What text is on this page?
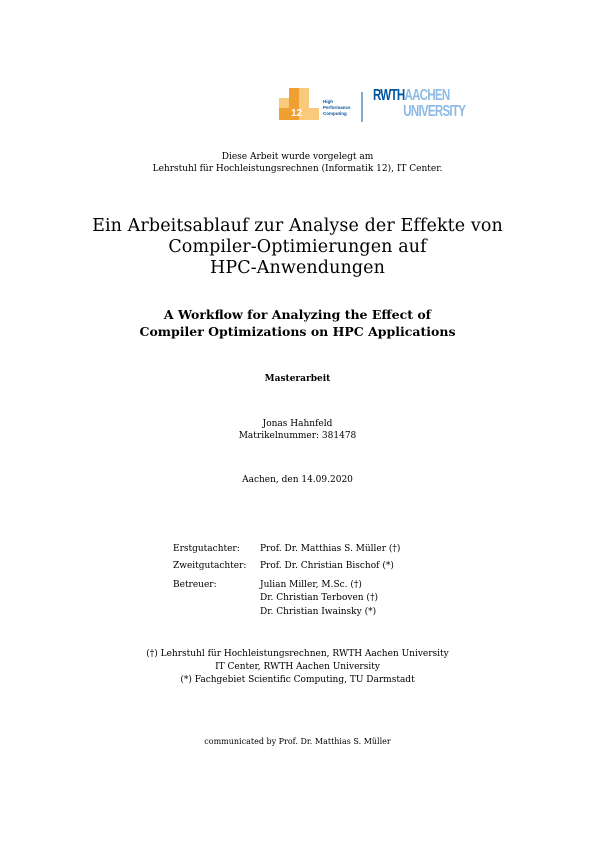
12
High
Performance
Computing
RWTHAACHEN
UNIVERSITY
Diese Arbeit wurde vorgelegt am
Lehrstuhl für Hochleistungsrechnen (Informatik 12), IT Center.
Ein Arbeitsablauf zur Analyse der Effekte von
Compiler-Optimierungen auf
HPC-Anwendungen
A Workflow for Analyzing the Effect of
Compiler Optimizations on HPC Applications
Masterarbeit
Jonas Hahnfeld
Matrikelnummer: 381478
Aachen, den 14.09.2020
Erstgutachter: Prof. Dr. Matthias S. Müller (†)
Zweitgutachter: Prof. Dr. Christian Bischof (*)
Betreuer:	Julian Miller, M.Sc. (†)
Dr. Christian Terboven (†)
Dr. Christian Iwainsky (*)
(†) Lehrstuhl für Hochleistungsrechnen, RWTH Aachen University
IT Center, RWTH Aachen University
(*) Fachgebiet Scientific Computing, TU Darmstadt
communicated by Prof. Dr. Matthias S. Müller
